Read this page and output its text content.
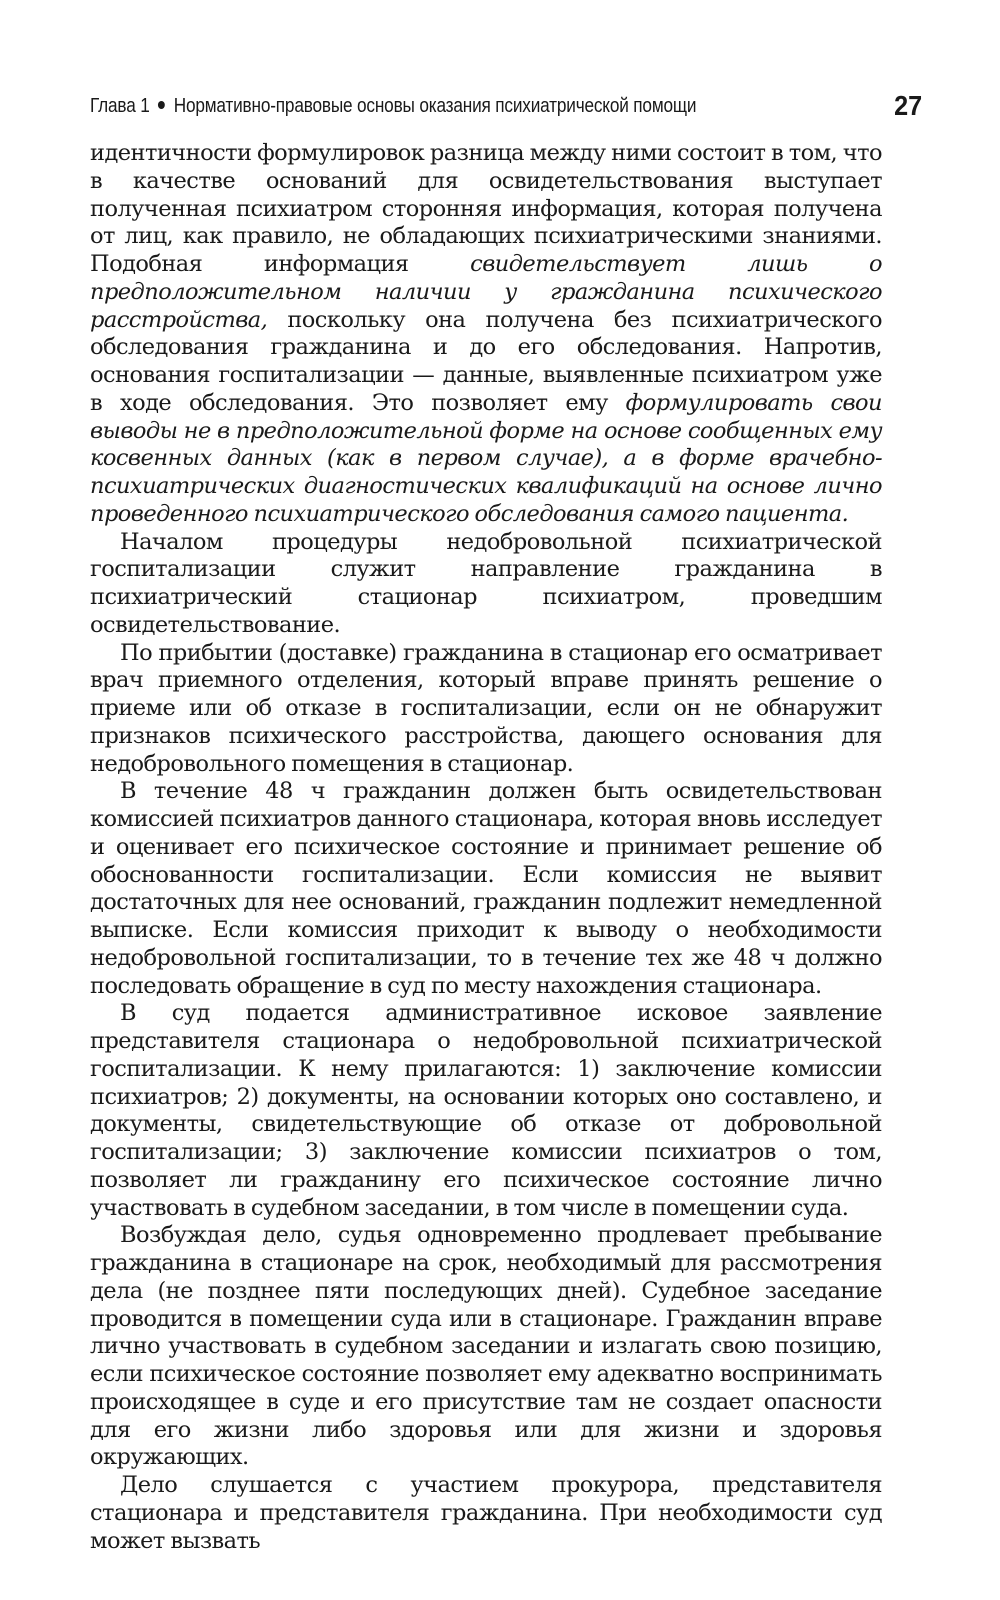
Глава 1 Нормативно-правовые основы оказания психиатрической помощи	27

идентичности формулировок разница между ними состоит в том, что в качестве оснований для освидетельствования выступает полученная психиатром сторонняя информация, которая получена от лиц, как правило, не обладающих психиатрическими знаниями. Подобная информация свидетельствует лишь о предположительном наличии у гражданина психического расстройства, поскольку она получена без психиатрического обследования гражданина и до его обследования. Напротив, основания госпитализации — данные, выявленные психиатром уже в ходе обследования. Это позволяет ему формулировать свои выводы не в предположительной форме на основе сообщенных ему косвенных данных (как в первом случае), а в форме врачебно-психиатрических диагностических квалификаций на основе лично проведенного психиатрического обследования самого пациента.

Началом процедуры недобровольной психиатрической госпитализации служит направление гражданина в психиатрический стационар психиатром, проведшим освидетельствование.

По прибытии (доставке) гражданина в стационар его осматривает врач приемного отделения, который вправе принять решение о приеме или об отказе в госпитализации, если он не обнаружит признаков психического расстройства, дающего основания для недобровольного помещения в стационар.

В течение 48 ч гражданин должен быть освидетельствован комиссией психиатров данного стационара, которая вновь исследует и оценивает его психическое состояние и принимает решение об обоснованности госпитализации. Если комиссия не выявит достаточных для нее оснований, гражданин подлежит немедленной выписке. Если комиссия приходит к выводу о необходимости недобровольной госпитализации, то в течение тех же 48 ч должно последовать обращение в суд по месту нахождения стационара.

В суд подается административное исковое заявление представителя стационара о недобровольной психиатрической госпитализации. К нему прилагаются: 1) заключение комиссии психиатров; 2) документы, на основании которых оно составлено, и документы, свидетельствующие об отказе от добровольной госпитализации; 3) заключение комиссии психиатров о том, позволяет ли гражданину его психическое состояние лично участвовать в судебном заседании, в том числе в помещении суда.

Возбуждая дело, судья одновременно продлевает пребывание гражданина в стационаре на срок, необходимый для рассмотрения дела (не позднее пяти последующих дней). Судебное заседание проводится в помещении суда или в стационаре. Гражданин вправе лично участвовать в судебном заседании и излагать свою позицию, если психическое состояние позволяет ему адекватно воспринимать происходящее в суде и его присутствие там не создает опасности для его жизни либо здоровья или для жизни и здоровья окружающих.

Дело слушается с участием прокурора, представителя стационара и представителя гражданина. При необходимости суд может вызвать
